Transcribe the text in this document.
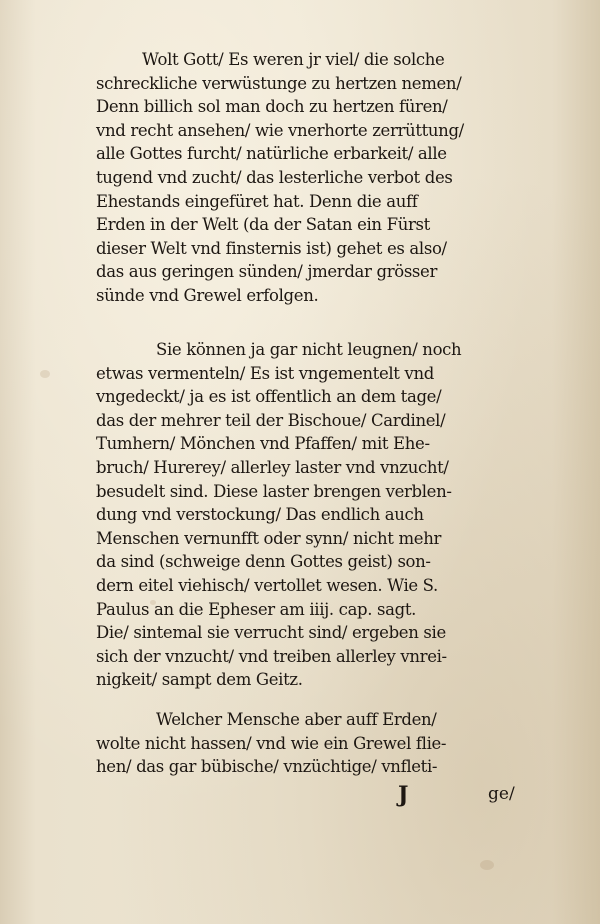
Wolt Gott/ Es weren jr viel/ die solche
schreckliche verwüstunge zu hertzen nemen/
Denn billich sol man doch zu hertzen füren/
vnd recht ansehen/ wie vnerhorte zerrüttung/
alle Gottes furcht/ natürliche erbarkeit/ alle
tugend vnd zucht/ das lesterliche verbot des
Ehestands eingefüret hat. Denn die auff
Erden in der Welt (da der Satan ein Fürst
dieser Welt vnd finsternis ist) gehet es also/
das aus geringen sünden/ jmerdar grösser
sünde vnd Grewel erfolgen.
Sie können ja gar nicht leugnen/ noch
etwas vermenteln/ Es ist vngementelt vnd
vngedeckt/ ja es ist offentlich an dem tage/
das der mehrer teil der Bischoue/ Cardinel/
Tumhern/ Mönchen vnd Pfaffen/ mit Ehe-
bruch/ Hurerey/ allerley laster vnd vnzucht/
besudelt sind. Diese laster brengen verblen-
dung vnd verstockung/ Das endlich auch
Menschen vernunfft oder synn/ nicht mehr
da sind (schweige denn Gottes geist) son-
dern eitel viehisch/ vertollet wesen. Wie S.
Paulus an die Epheser am iiij. cap. sagt.
Die/ sintemal sie verrucht sind/ ergeben sie
sich der vnzucht/ vnd treiben allerley vnrei-
nigkeit/ sampt dem Geitz.
Welcher Mensche aber auff Erden/
wolte nicht hassen/ vnd wie ein Grewel flie-
hen/ das gar bübische/ vnzüchtige/ vnfleti-
J	ge/
